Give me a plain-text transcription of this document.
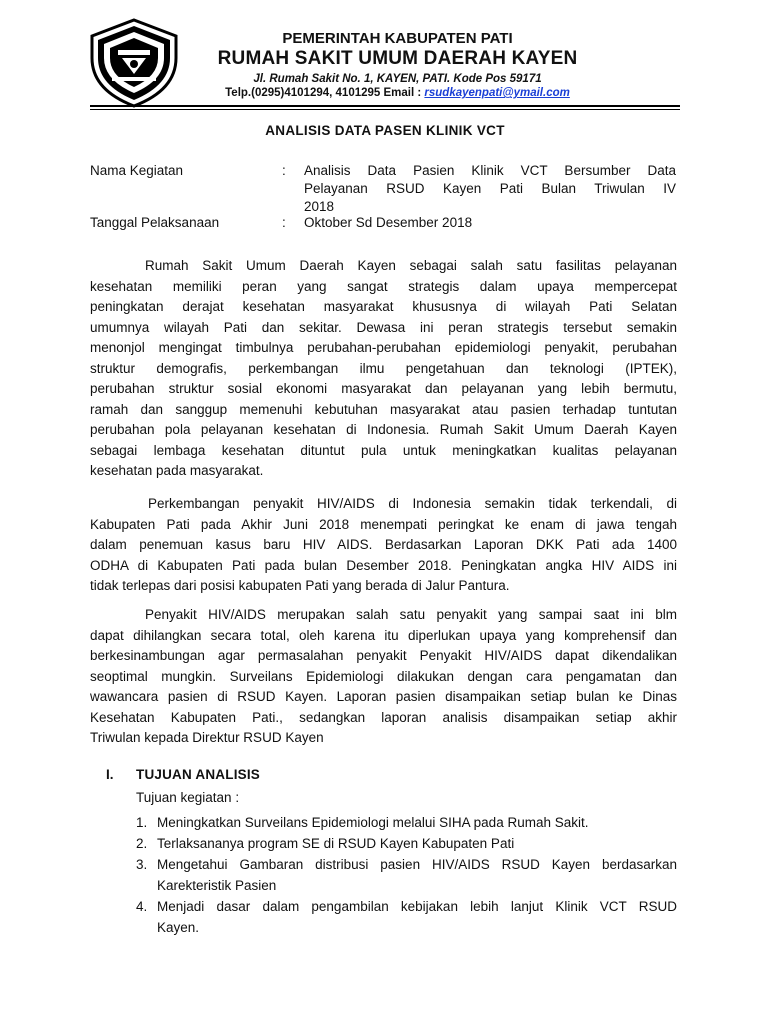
PEMERINTAH KABUPATEN PATI
RUMAH SAKIT UMUM DAERAH KAYEN
Jl. Rumah Sakit No. 1, KAYEN, PATI. Kode Pos 59171
Telp.(0295)4101294, 4101295 Email : rsudkayenpati@ymail.com
ANALISIS DATA PASEN KLINIK VCT
Nama Kegiatan	: Analisis Data Pasien Klinik VCT Bersumber Data
Pelayanan RSUD Kayen Pati Bulan Triwulan IV
2018
Tanggal Pelaksanaan	: Oktober Sd Desember 2018
Rumah Sakit Umum Daerah Kayen sebagai salah satu fasilitas pelayanan
kesehatan memiliki peran yang sangat strategis dalam upaya mempercepat
peningkatan derajat kesehatan masyarakat khususnya di wilayah Pati Selatan
umumnya wilayah Pati dan sekitar. Dewasa ini peran strategis tersebut semakin
menonjol mengingat timbulnya perubahan-perubahan epidemiologi penyakit, perubahan
struktur demografis, perkembangan ilmu pengetahuan dan teknologi (IPTEK),
perubahan struktur sosial ekonomi masyarakat dan pelayanan yang lebih bermutu,
ramah dan sanggup memenuhi kebutuhan masyarakat atau pasien terhadap tuntutan
perubahan pola pelayanan kesehatan di Indonesia. Rumah Sakit Umum Daerah Kayen
sebagai lembaga kesehatan dituntut pula untuk meningkatkan kualitas pelayanan
kesehatan pada masyarakat.
Perkembangan penyakit HIV/AIDS di Indonesia semakin tidak terkendali, di
Kabupaten Pati pada Akhir Juni 2018 menempati peringkat ke enam di jawa tengah
dalam penemuan kasus baru HIV AIDS. Berdasarkan Laporan DKK Pati ada 1400
ODHA di Kabupaten Pati pada bulan Desember 2018. Peningkatan angka HIV AIDS ini
tidak terlepas dari posisi kabupaten Pati yang berada di Jalur Pantura.
Penyakit HIV/AIDS merupakan salah satu penyakit yang sampai saat ini blm
dapat dihilangkan secara total, oleh karena itu diperlukan upaya yang komprehensif dan
berkesinambungan agar permasalahan penyakit Penyakit HIV/AIDS dapat dikendalikan
seoptimal mungkin. Surveilans Epidemiologi dilakukan dengan cara pengamatan dan
wawancara pasien di RSUD Kayen. Laporan pasien disampaikan setiap bulan ke Dinas
Kesehatan Kabupaten Pati., sedangkan laporan analisis disampaikan setiap akhir
Triwulan kepada Direktur RSUD Kayen
I. TUJUAN ANALISIS
Tujuan kegiatan :
1. Meningkatkan Surveilans Epidemiologi melalui SIHA pada Rumah Sakit.
2. Terlaksananya program SE di RSUD Kayen Kabupaten Pati
3. Mengetahui Gambaran distribusi pasien HIV/AIDS RSUD Kayen berdasarkan
Karekteristik Pasien
4. Menjadi dasar dalam pengambilan kebijakan lebih lanjut Klinik VCT RSUD
Kayen.
